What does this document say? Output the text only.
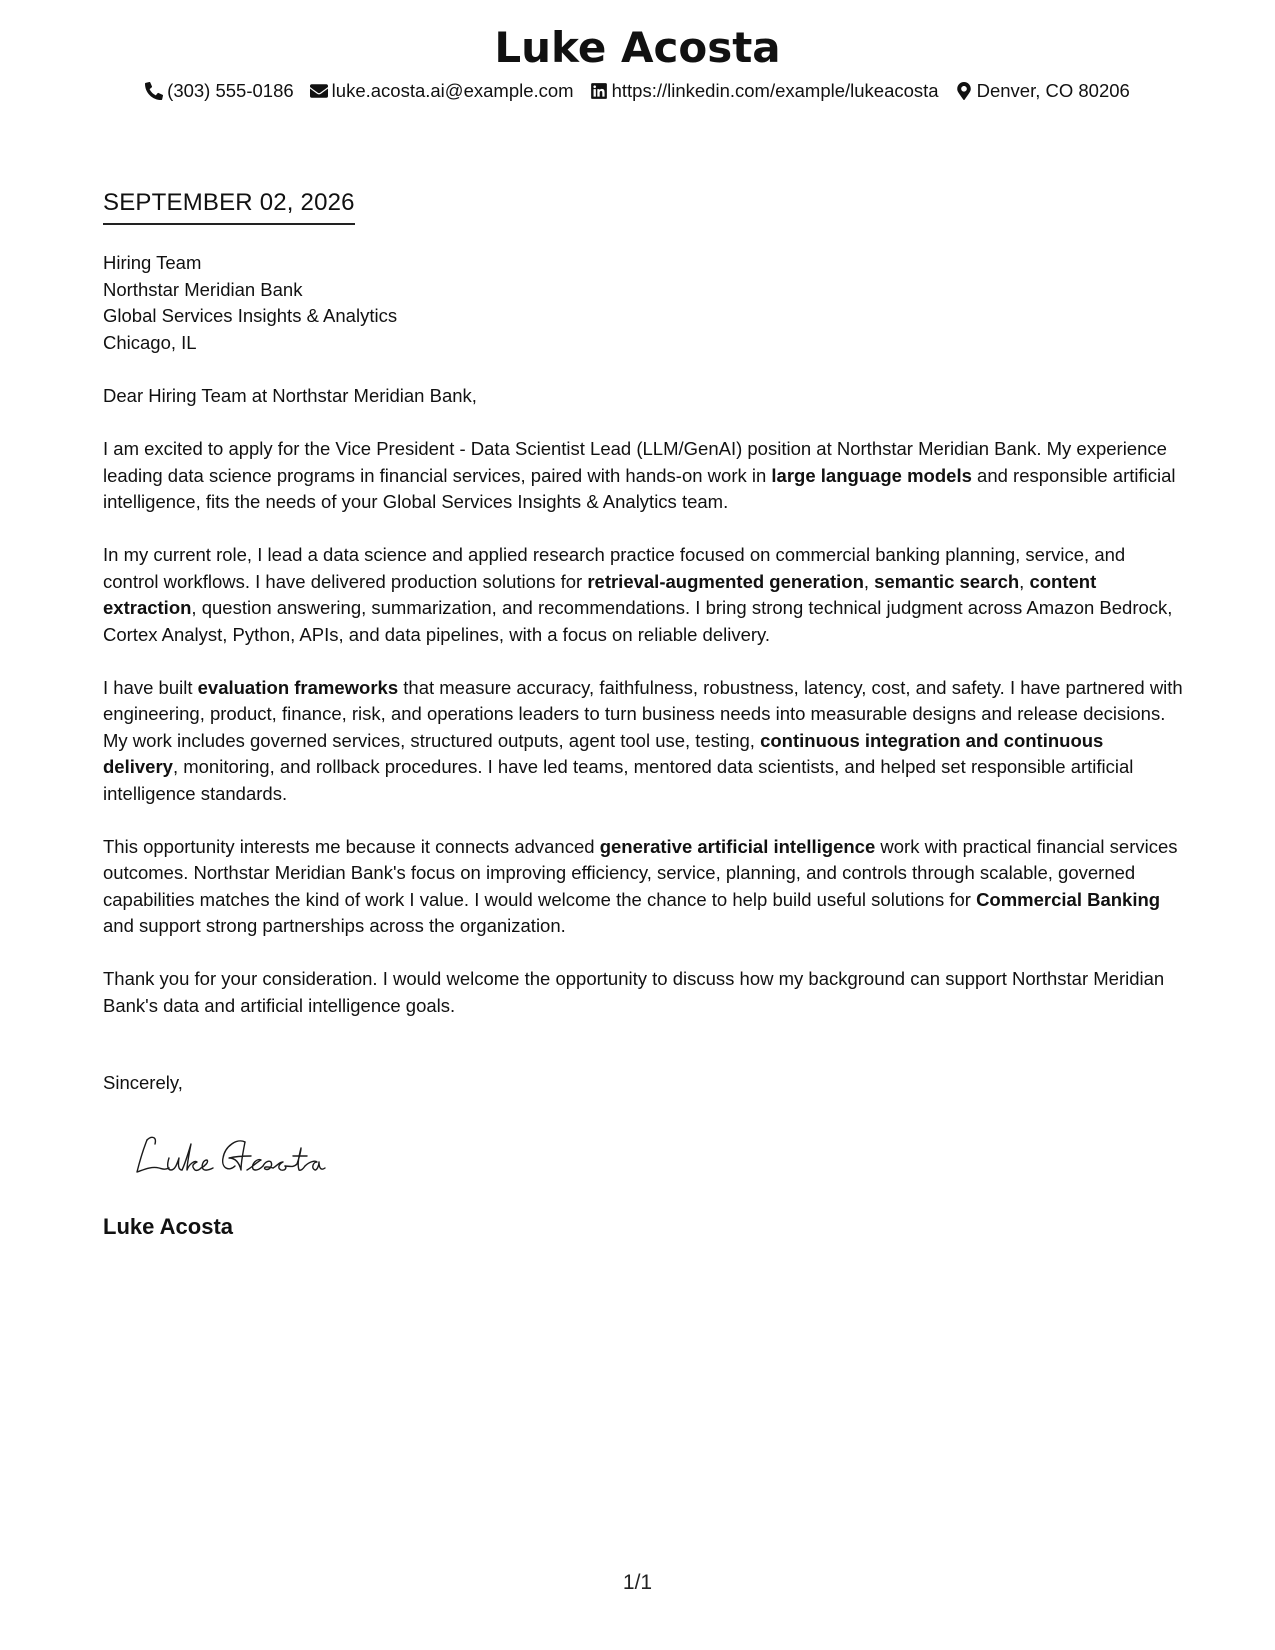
Luke Acosta
(303) 555-0186 luke.acosta.ai@example.com https://linkedin.com/example/lukeacosta Denver, CO 80206
SEPTEMBER 02, 2026
Hiring Team
Northstar Meridian Bank
Global Services Insights & Analytics
Chicago, IL

Dear Hiring Team at Northstar Meridian Bank,

I am excited to apply for the Vice President - Data Scientist Lead (LLM/GenAI) position at Northstar Meridian Bank. My experience leading data science programs in financial services, paired with hands-on work in large language models and responsible artificial intelligence, fits the needs of your Global Services Insights & Analytics team.

In my current role, I lead a data science and applied research practice focused on commercial banking planning, service, and control workflows. I have delivered production solutions for retrieval-augmented generation, semantic search, content extraction, question answering, summarization, and recommendations. I bring strong technical judgment across Amazon Bedrock, Cortex Analyst, Python, APIs, and data pipelines, with a focus on reliable delivery.

I have built evaluation frameworks that measure accuracy, faithfulness, robustness, latency, cost, and safety. I have partnered with engineering, product, finance, risk, and operations leaders to turn business needs into measurable designs and release decisions. My work includes governed services, structured outputs, agent tool use, testing, continuous integration and continuous delivery, monitoring, and rollback procedures. I have led teams, mentored data scientists, and helped set responsible artificial intelligence standards.

This opportunity interests me because it connects advanced generative artificial intelligence work with practical financial services outcomes. Northstar Meridian Bank's focus on improving efficiency, service, planning, and controls through scalable, governed capabilities matches the kind of work I value. I would welcome the chance to help build useful solutions for Commercial Banking and support strong partnerships across the organization.

Thank you for your consideration. I would welcome the opportunity to discuss how my background can support Northstar Meridian Bank's data and artificial intelligence goals.

Sincerely,
Luke Acosta
1/1
